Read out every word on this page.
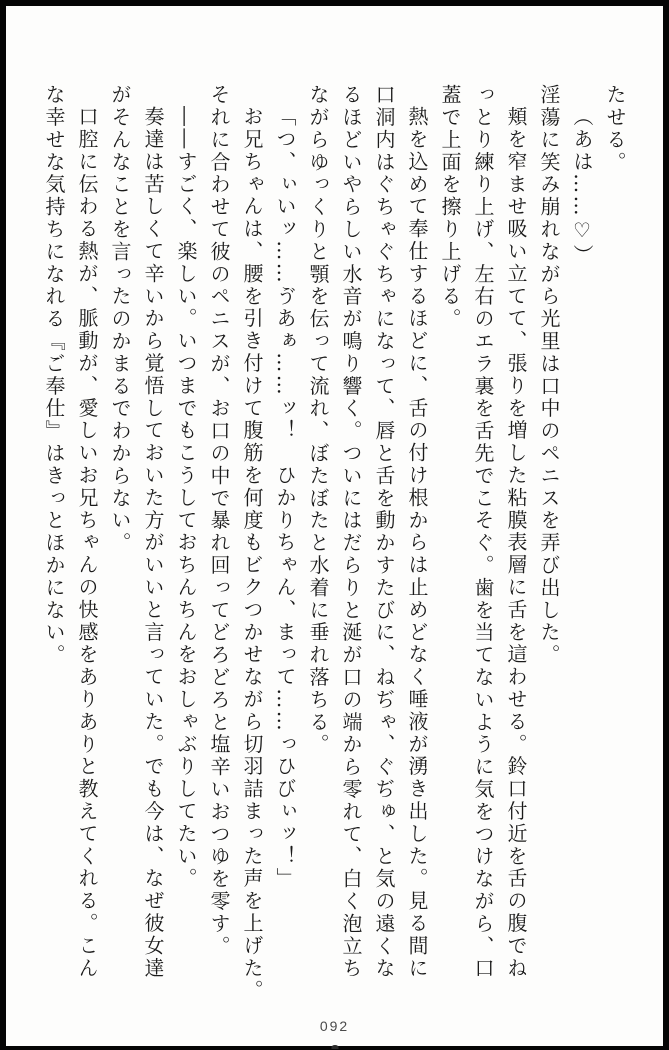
たせる。
（あは……♡）
淫蕩に笑み崩れながら光里は口中のペニスを弄び出した。
頬を窄ませ吸い立てて、張りを増した粘膜表層に舌を這わせる。鈴口付近を舌の腹でね
っとり練り上げ、左右のエラ裏を舌先でこそぐ。歯を当てないように気をつけながら、口
蓋で上面を擦り上げる。
熱を込めて奉仕するほどに、舌の付け根からは止めどなく唾液が湧き出した。見る間に
口洞内はぐちゃぐちゃになって、唇と舌を動かすたびに、ねぢゃ、ぐぢゅ、と気の遠くな
るほどいやらしい水音が鳴り響く。ついにはだらりと涎が口の端から零れて、白く泡立ち
ながらゆっくりと顎を伝って流れ、ぼたぼたと水着に垂れ落ちる。
「つ、ぃいッ……ゔあぁ……ッ！　ひかりちゃん、まって……っひびぃッ！」
お兄ちゃんは、腰を引き付けて腹筋を何度もビクつかせながら切羽詰まった声を上げた。
それに合わせて彼のペニスが、お口の中で暴れ回ってどろどろと塩辛いおつゆを零す。
――すごく、楽しい。いつまでもこうしておちんちんをおしゃぶりしてたい。
奏達は苦しくて辛いから覚悟しておいた方がいいと言っていた。でも今は、なぜ彼女達
がそんなことを言ったのかまるでわからない。
口腔に伝わる熱が、脈動が、愛しいお兄ちゃんの快感をありありと教えてくれる。こん
な幸せな気持ちになれる『ご奉仕』はきっとほかにない。
092
